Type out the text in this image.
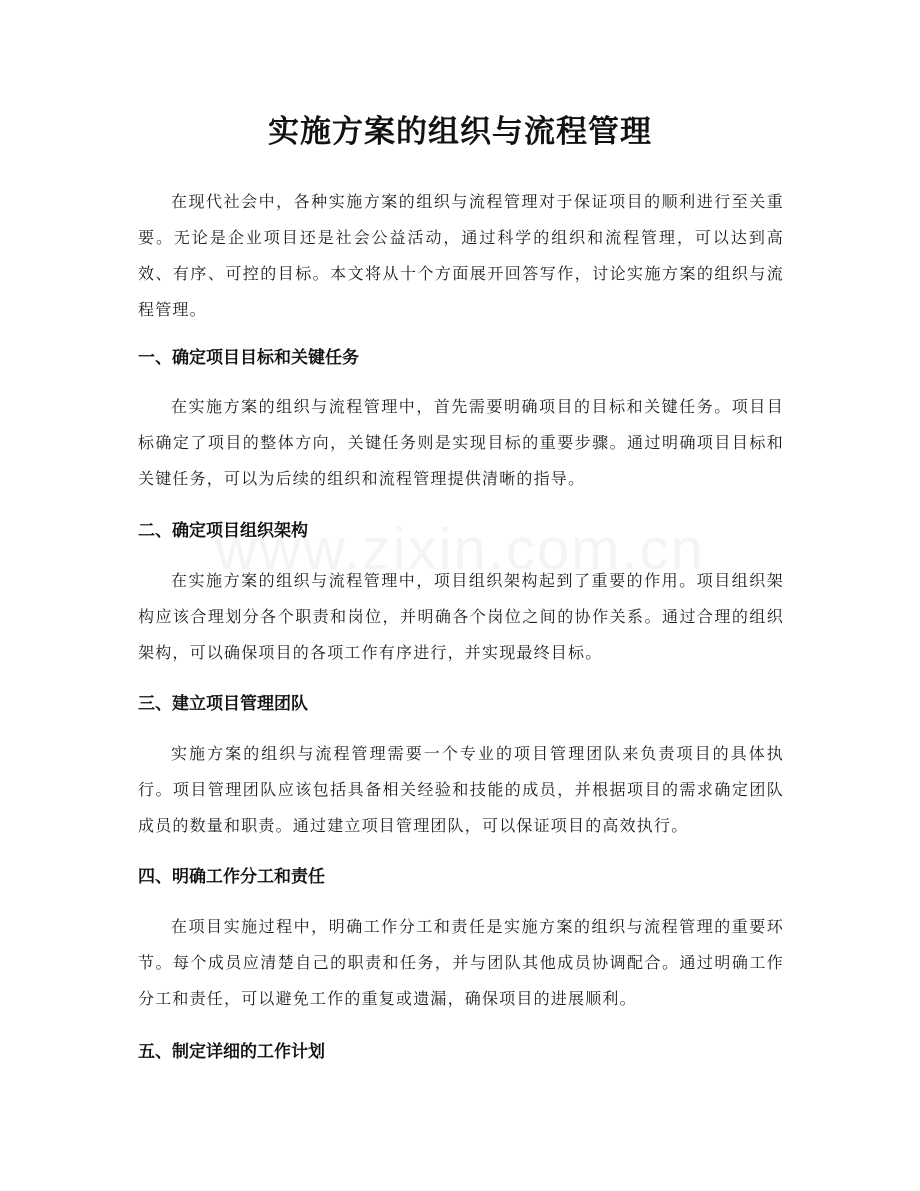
实施方案的组织与流程管理

在现代社会中，各种实施方案的组织与流程管理对于保证项目的顺利进行至关重要。无论是企业项目还是社会公益活动，通过科学的组织和流程管理，可以达到高效、有序、可控的目标。本文将从十个方面展开回答写作，讨论实施方案的组织与流程管理。

一、确定项目目标和关键任务

在实施方案的组织与流程管理中，首先需要明确项目的目标和关键任务。项目目标确定了项目的整体方向，关键任务则是实现目标的重要步骤。通过明确项目目标和关键任务，可以为后续的组织和流程管理提供清晰的指导。

二、确定项目组织架构

在实施方案的组织与流程管理中，项目组织架构起到了重要的作用。项目组织架构应该合理划分各个职责和岗位，并明确各个岗位之间的协作关系。通过合理的组织架构，可以确保项目的各项工作有序进行，并实现最终目标。

三、建立项目管理团队

实施方案的组织与流程管理需要一个专业的项目管理团队来负责项目的具体执行。项目管理团队应该包括具备相关经验和技能的成员，并根据项目的需求确定团队成员的数量和职责。通过建立项目管理团队，可以保证项目的高效执行。

四、明确工作分工和责任

在项目实施过程中，明确工作分工和责任是实施方案的组织与流程管理的重要环节。每个成员应清楚自己的职责和任务，并与团队其他成员协调配合。通过明确工作分工和责任，可以避免工作的重复或遗漏，确保项目的进展顺利。

五、制定详细的工作计划
